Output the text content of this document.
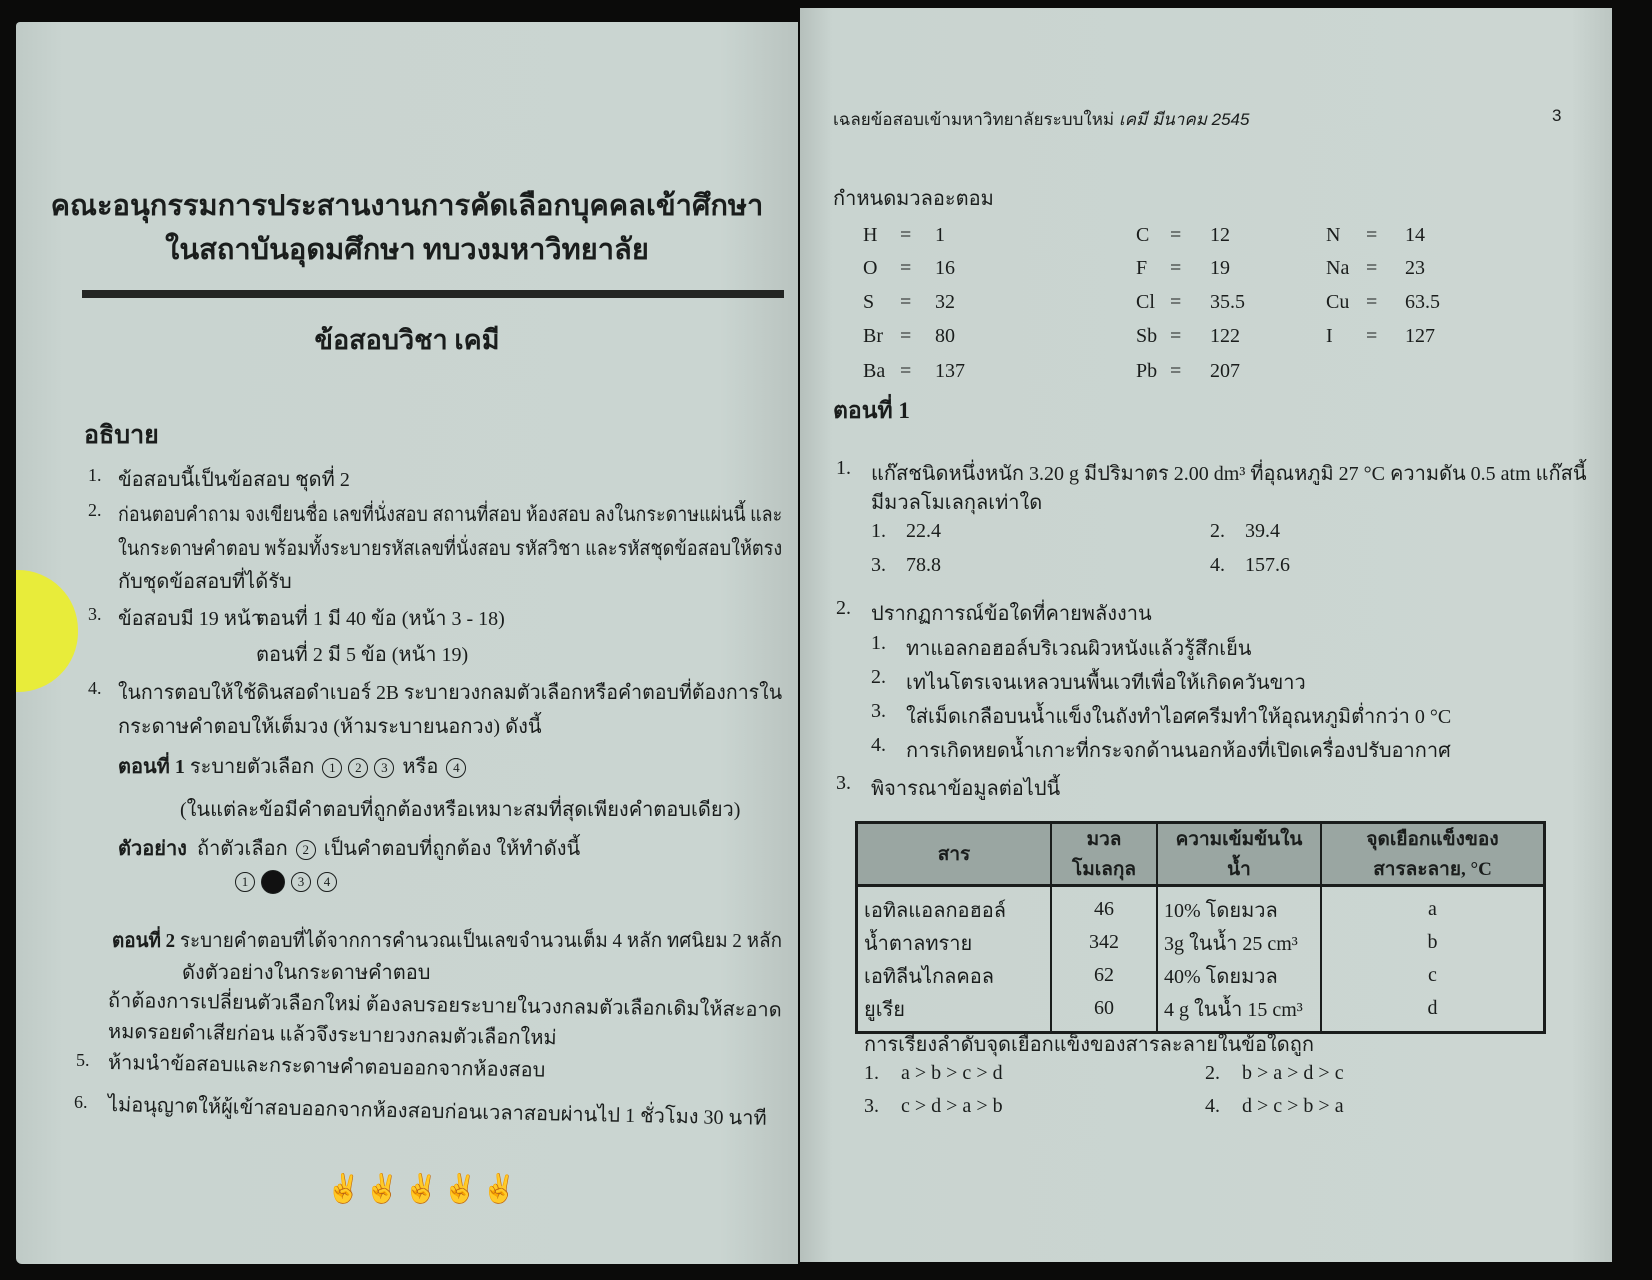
คณะอนุกรรมการประสานงานการคัดเลือกบุคคลเข้าศึกษา
ในสถาบันอุดมศึกษา ทบวงมหาวิทยาลัย
ข้อสอบวิชา เคมี
อธิบาย
1. ข้อสอบนี้เป็นข้อสอบ ชุดที่ 2
2. ก่อนตอบคำถาม จงเขียนชื่อ เลขที่นั่งสอบ สถานที่สอบ ห้องสอบ ลงในกระดาษแผ่นนี้ และ
ในกระดาษคำตอบ พร้อมทั้งระบายรหัสเลขที่นั่งสอบ รหัสวิชา และรหัสชุดข้อสอบให้ตรง
กับชุดข้อสอบที่ได้รับ
3. ข้อสอบมี 19 หน้า
ตอนที่ 1 มี 40 ข้อ (หน้า 3 - 18)
ตอนที่ 2 มี 5 ข้อ (หน้า 19)
4. ในการตอบให้ใช้ดินสอดำเบอร์ 2B ระบายวงกลมตัวเลือกหรือคำตอบที่ต้องการใน
กระดาษคำตอบให้เต็มวง (ห้ามระบายนอกวง) ดังนี้
ตอนที่ 1 ระบายตัวเลือก 1 2 3 หรือ 4
(ในแต่ละข้อมีคำตอบที่ถูกต้องหรือเหมาะสมที่สุดเพียงคำตอบเดียว)
ตัวอย่าง ถ้าตัวเลือก 2 เป็นคำตอบที่ถูกต้อง ให้ทำดังนี้
1	3 4
ตอนที่ 2 ระบายคำตอบที่ได้จากการคำนวณเป็นเลขจำนวนเต็ม 4 หลัก ทศนิยม 2 หลัก
ดังตัวอย่างในกระดาษคำตอบ
ถ้าต้องการเปลี่ยนตัวเลือกใหม่ ต้องลบรอยระบายในวงกลมตัวเลือกเดิมให้สะอาด
หมดรอยดำเสียก่อน แล้วจึงระบายวงกลมตัวเลือกใหม่
5. ห้ามนำข้อสอบและกระดาษคำตอบออกจากห้องสอบ
6. ไม่อนุญาตให้ผู้เข้าสอบออกจากห้องสอบก่อนเวลาสอบผ่านไป 1 ชั่วโมง 30 นาที
✌✌✌✌✌
เฉลยข้อสอบเข้ามหาวิทยาลัยระบบใหม่ เคมี มีนาคม 2545	3
กำหนดมวลอะตอม
H = 1	C = 12	N = 14
O = 16	F = 19	Na = 23
S = 32	Cl = 35.5	Cu = 63.5
Br = 80	Sb = 122	I = 127
Ba = 137	Pb = 207
ตอนที่ 1
1. แก๊สชนิดหนึ่งหนัก 3.20 g มีปริมาตร 2.00 dm³ ที่อุณหภูมิ 27 °C ความดัน 0.5 atm แก๊สนี้
มีมวลโมเลกุลเท่าใด
1. 22.4	2. 39.4
3. 78.8	4. 157.6
2. ปรากฏการณ์ข้อใดที่คายพลังงาน
1. ทาแอลกอฮอล์บริเวณผิวหนังแล้วรู้สึกเย็น
2. เทไนโตรเจนเหลวบนพื้นเวทีเพื่อให้เกิดควันขาว
3. ใส่เม็ดเกลือบนน้ำแข็งในถังทำไอศครีมทำให้อุณหภูมิต่ำกว่า 0 °C
4. การเกิดหยดน้ำเกาะที่กระจกด้านนอกห้องที่เปิดเครื่องปรับอากาศ
3. พิจารณาข้อมูลต่อไปนี้
สาร	มวลโมเลกุล	ความเข้มข้นในน้ำ	จุดเยือกแข็งของสารละลาย, °C
เอทิลแอลกอฮอล์	46	10% โดยมวล	a
น้ำตาลทราย	342	3g ในน้ำ 25 cm³	b
เอทิลีนไกลคอล	62	40% โดยมวล	c
ยูเรีย	60	4 g ในน้ำ 15 cm³	d
การเรียงลำดับจุดเยือกแข็งของสารละลายในข้อใดถูก
1. a > b > c > d	2. b > a > d > c
3. c > d > a > b	4. d > c > b > a
